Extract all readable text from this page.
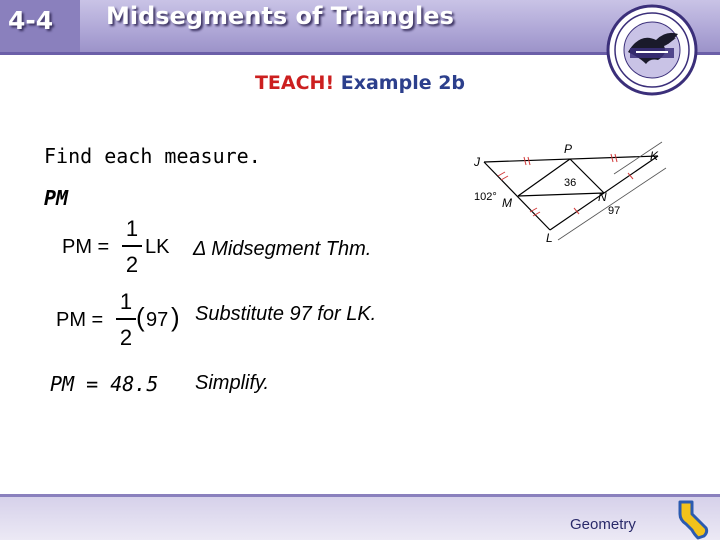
4-4 Midsegments of Triangles
TEACH! Example 2b
Find each measure.
PM
PM =
1
2
LK Δ Midsegment Thm.
PM =
1
2
( 97 ) Substitute 97 for LK.
PM = 48.5 Simplify.
J
P	K
M	N
L
102°
36
97
Geometry
